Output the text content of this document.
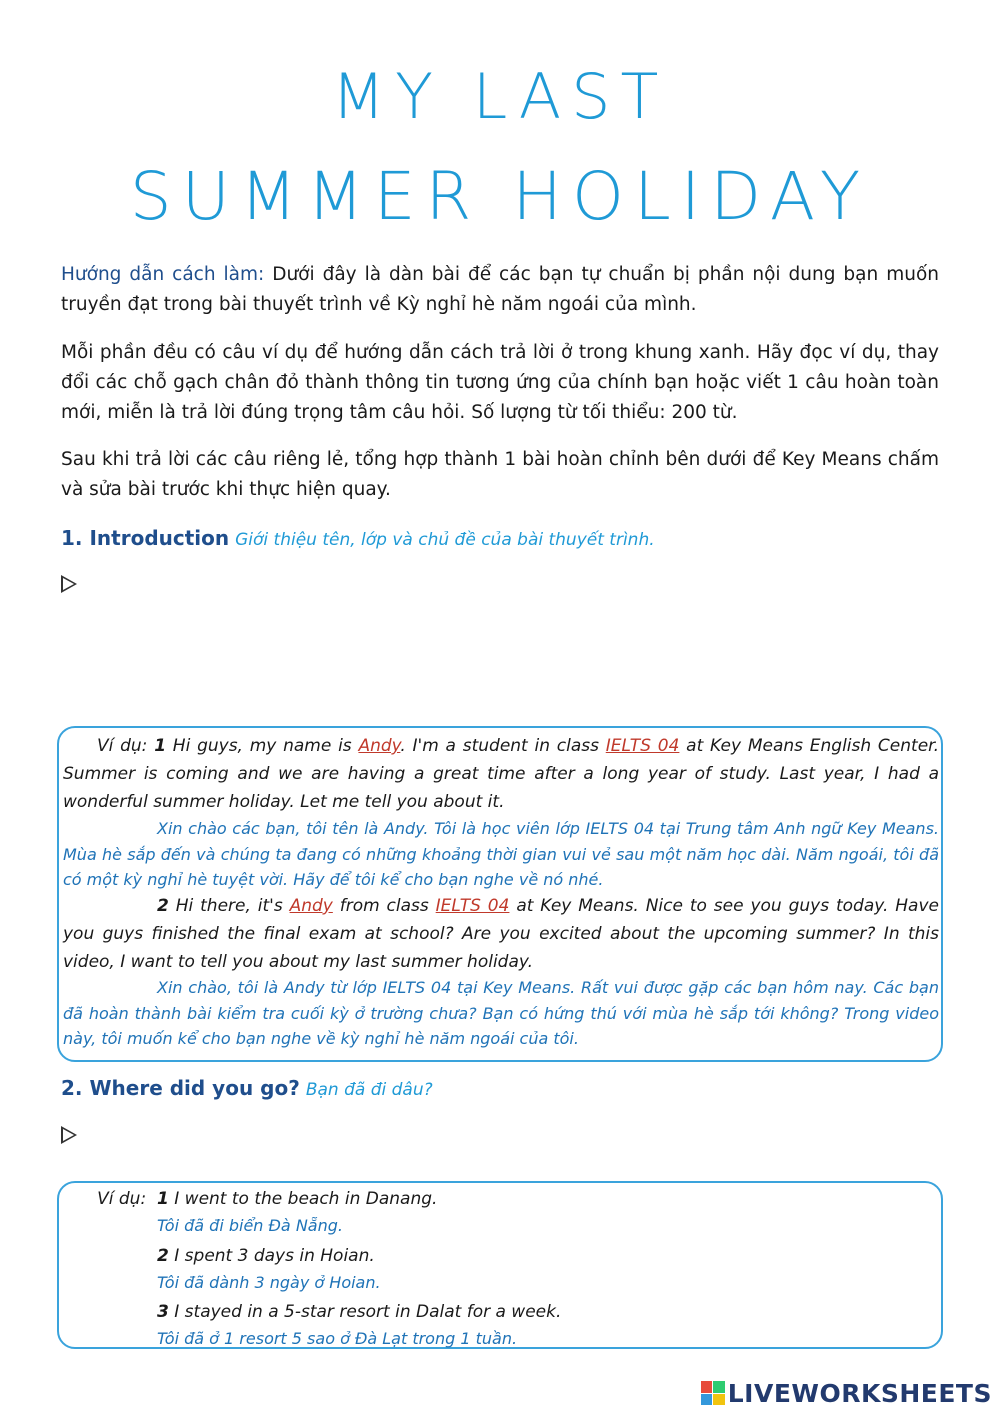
MY LAST
SUMMER HOLIDAY

Hướng dẫn cách làm: Dưới đây là dàn bài để các bạn tự chuẩn bị phần nội dung bạn muốn truyền đạt trong bài thuyết trình về Kỳ nghỉ hè năm ngoái của mình.

Mỗi phần đều có câu ví dụ để hướng dẫn cách trả lời ở trong khung xanh. Hãy đọc ví dụ, thay đổi các chỗ gạch chân đỏ thành thông tin tương ứng của chính bạn hoặc viết 1 câu hoàn toàn mới, miễn là trả lời đúng trọng tâm câu hỏi. Số lượng từ tối thiểu: 200 từ.

Sau khi trả lời các câu riêng lẻ, tổng hợp thành 1 bài hoàn chỉnh bên dưới để Key Means chấm và sửa bài trước khi thực hiện quay.

1. Introduction Giới thiệu tên, lớp và chủ đề của bài thuyết trình.

Ví dụ: 1 Hi guys, my name is Andy. I'm a student in class IELTS 04 at Key Means English Center. Summer is coming and we are having a great time after a long year of study. Last year, I had a wonderful summer holiday. Let me tell you about it.

Xin chào các bạn, tôi tên là Andy. Tôi là học viên lớp IELTS 04 tại Trung tâm Anh ngữ Key Means. Mùa hè sắp đến và chúng ta đang có những khoảng thời gian vui vẻ sau một năm học dài. Năm ngoái, tôi đã có một kỳ nghỉ hè tuyệt vời. Hãy để tôi kể cho bạn nghe về nó nhé.

2 Hi there, it's Andy from class IELTS 04 at Key Means. Nice to see you guys today. Have you guys finished the final exam at school? Are you excited about the upcoming summer? In this video, I want to tell you about my last summer holiday.

Xin chào, tôi là Andy từ lớp IELTS 04 tại Key Means. Rất vui được gặp các bạn hôm nay. Các bạn đã hoàn thành bài kiểm tra cuối kỳ ở trường chưa? Bạn có hứng thú với mùa hè sắp tới không? Trong video này, tôi muốn kể cho bạn nghe về kỳ nghỉ hè năm ngoái của tôi.

2. Where did you go? Bạn đã đi dâu?
Ví dụ: 1 I went to the beach in Danang.
Tôi đã đi biển Đà Nẵng.
2 I spent 3 days in Hoian.
Tôi đã dành 3 ngày ở Hoian.
3 I stayed in a 5-star resort in Dalat for a week.
Tôi đã ở 1 resort 5 sao ở Đà Lạt trong 1 tuần.
LIVEWORKSHEETS
